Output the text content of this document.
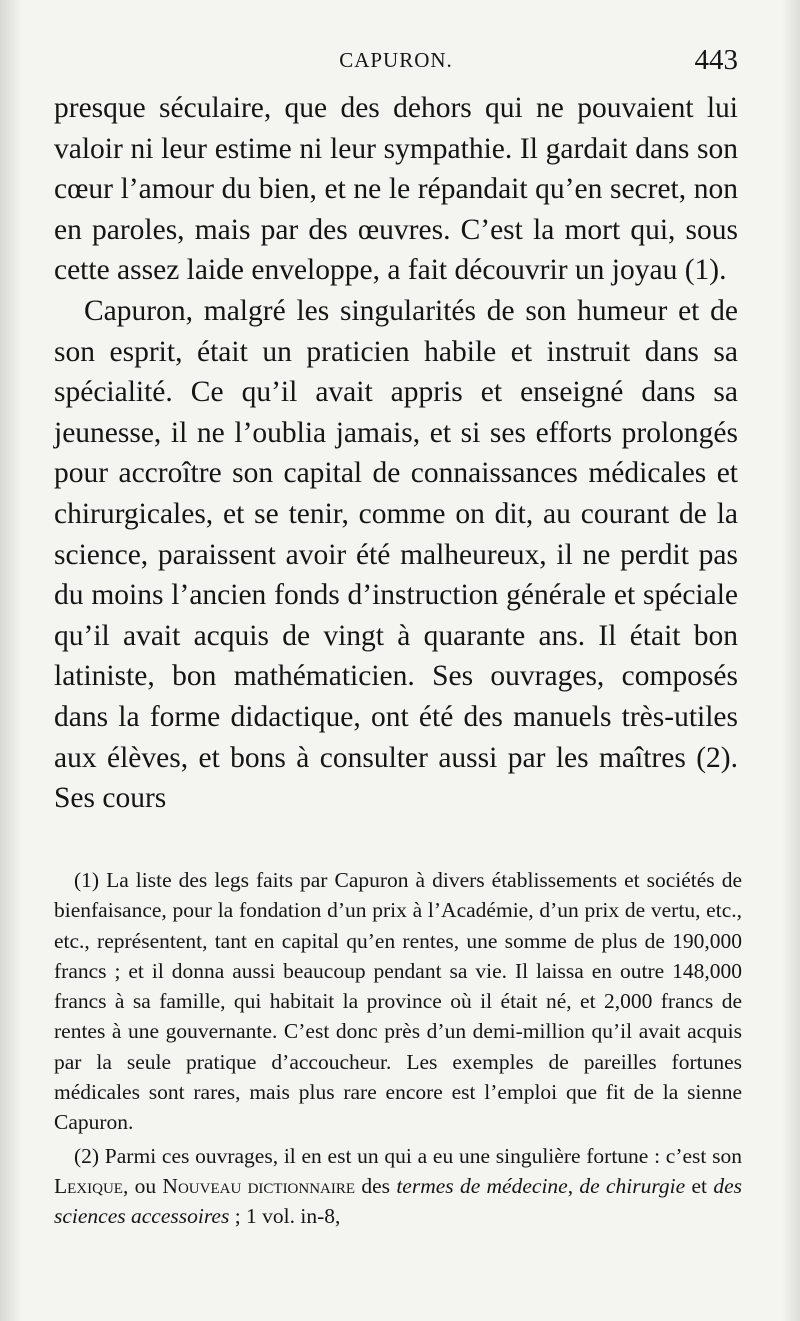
CAPURON.	443

presque séculaire, que des dehors qui ne pouvaient lui valoir ni leur estime ni leur sympathie. Il gardait dans son cœur l’amour du bien, et ne le répandait qu’en secret, non en paroles, mais par des œuvres. C’est la mort qui, sous cette assez laide enveloppe, a fait découvrir un joyau (1).

Capuron, malgré les singularités de son humeur et de son esprit, était un praticien habile et instruit dans sa spécialité. Ce qu’il avait appris et enseigné dans sa jeunesse, il ne l’oublia jamais, et si ses efforts prolongés pour accroître son capital de connaissances médicales et chirurgicales, et se tenir, comme on dit, au courant de la science, paraissent avoir été malheureux, il ne perdit pas du moins l’ancien fonds d’instruction générale et spéciale qu’il avait acquis de vingt à quarante ans. Il était bon latiniste, bon mathématicien. Ses ouvrages, composés dans la forme didactique, ont été des manuels très-utiles aux élèves, et bons à consulter aussi par les maîtres (2). Ses cours

(1) La liste des legs faits par Capuron à divers établissements et sociétés de bienfaisance, pour la fondation d’un prix à l’Académie, d’un prix de vertu, etc., etc., représentent, tant en capital qu’en rentes, une somme de plus de 190,000 francs ; et il donna aussi beaucoup pendant sa vie. Il laissa en outre 148,000 francs à sa famille, qui habitait la province où il était né, et 2,000 francs de rentes à une gouvernante. C’est donc près d’un demi-million qu’il avait acquis par la seule pratique d’accoucheur. Les exemples de pareilles fortunes médicales sont rares, mais plus rare encore est l’emploi que fit de la sienne Capuron.

(2) Parmi ces ouvrages, il en est un qui a eu une singulière fortune : c’est son Lexique, ou Nouveau dictionnaire des termes de médecine, de chirurgie et des sciences accessoires ; 1 vol. in-8,
